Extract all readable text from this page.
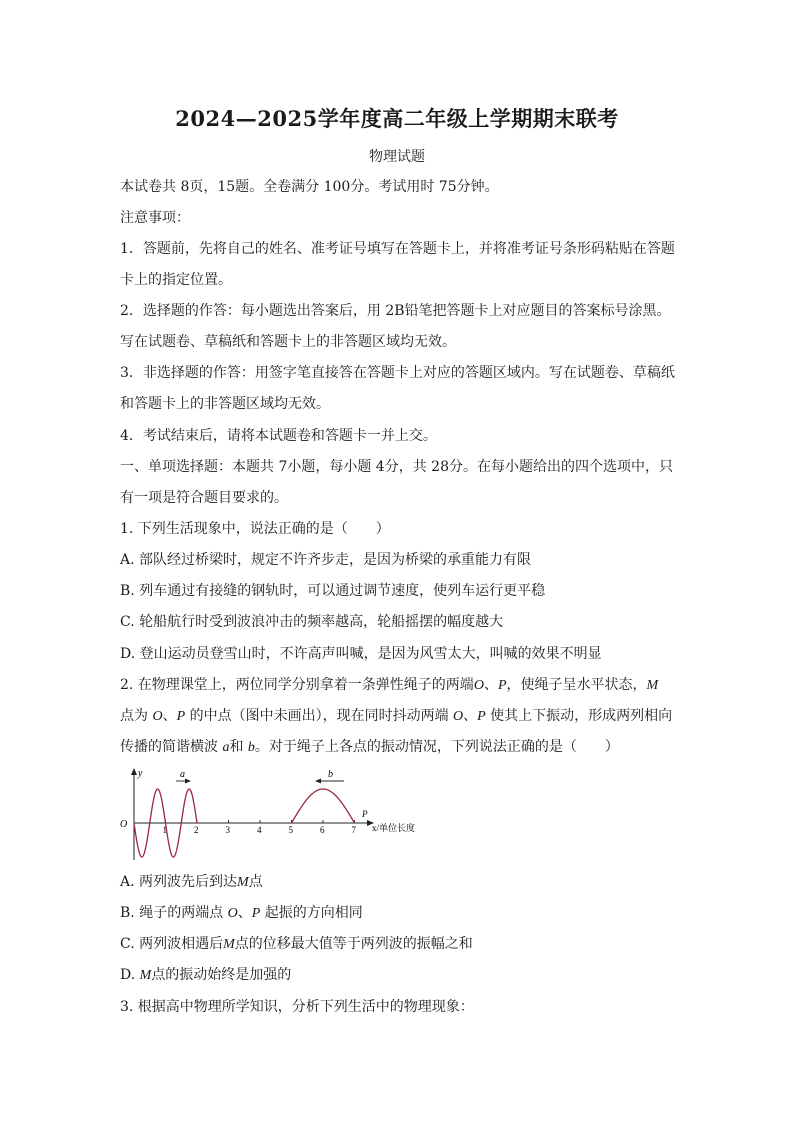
2024—2025学年度高二年级上学期期末联考
物理试题
本试卷共 8页，15题。全卷满分 100分。考试用时 75分钟。
注意事项：
1．答题前，先将自己的姓名、准考证号填写在答题卡上，并将准考证号条形码粘贴在答题
卡上的指定位置。
2．选择题的作答：每小题选出答案后，用 2B铅笔把答题卡上对应题目的答案标号涂黑。
写在试题卷、草稿纸和答题卡上的非答题区域均无效。
3．非选择题的作答：用签字笔直接答在答题卡上对应的答题区域内。写在试题卷、草稿纸
和答题卡上的非答题区域均无效。
4．考试结束后，请将本试题卷和答题卡一并上交。
一、单项选择题：本题共 7小题，每小题 4分，共 28分。在每小题给出的四个选项中，只
有一项是符合题目要求的。
1. 下列生活现象中，说法正确的是（　　）
A. 部队经过桥梁时，规定不许齐步走，是因为桥梁的承重能力有限
B. 列车通过有接缝的钢轨时，可以通过调节速度，使列车运行更平稳
C. 轮船航行时受到波浪冲击的频率越高，轮船摇摆的幅度越大
D. 登山运动员登雪山时，不许高声叫喊，是因为风雪太大，叫喊的效果不明显
2. 在物理课堂上，两位同学分别拿着一条弹性绳子的两端O、P，使绳子呈水平状态，M
点为 O、P 的中点（图中未画出），现在同时抖动两端 O、P 使其上下振动，形成两列相向
传播的简谐横波 a和 b。对于绳子上各点的振动情况，下列说法正确的是（　　）
y
O	x/单位长度
1	2	3	4	5	6	7
a	b
P
A. 两列波先后到达M点
B. 绳子的两端点 O、P 起振的方向相同
C. 两列波相遇后M点的位移最大值等于两列波的振幅之和
D. M点的振动始终是加强的
3. 根据高中物理所学知识，分析下列生活中的物理现象：
